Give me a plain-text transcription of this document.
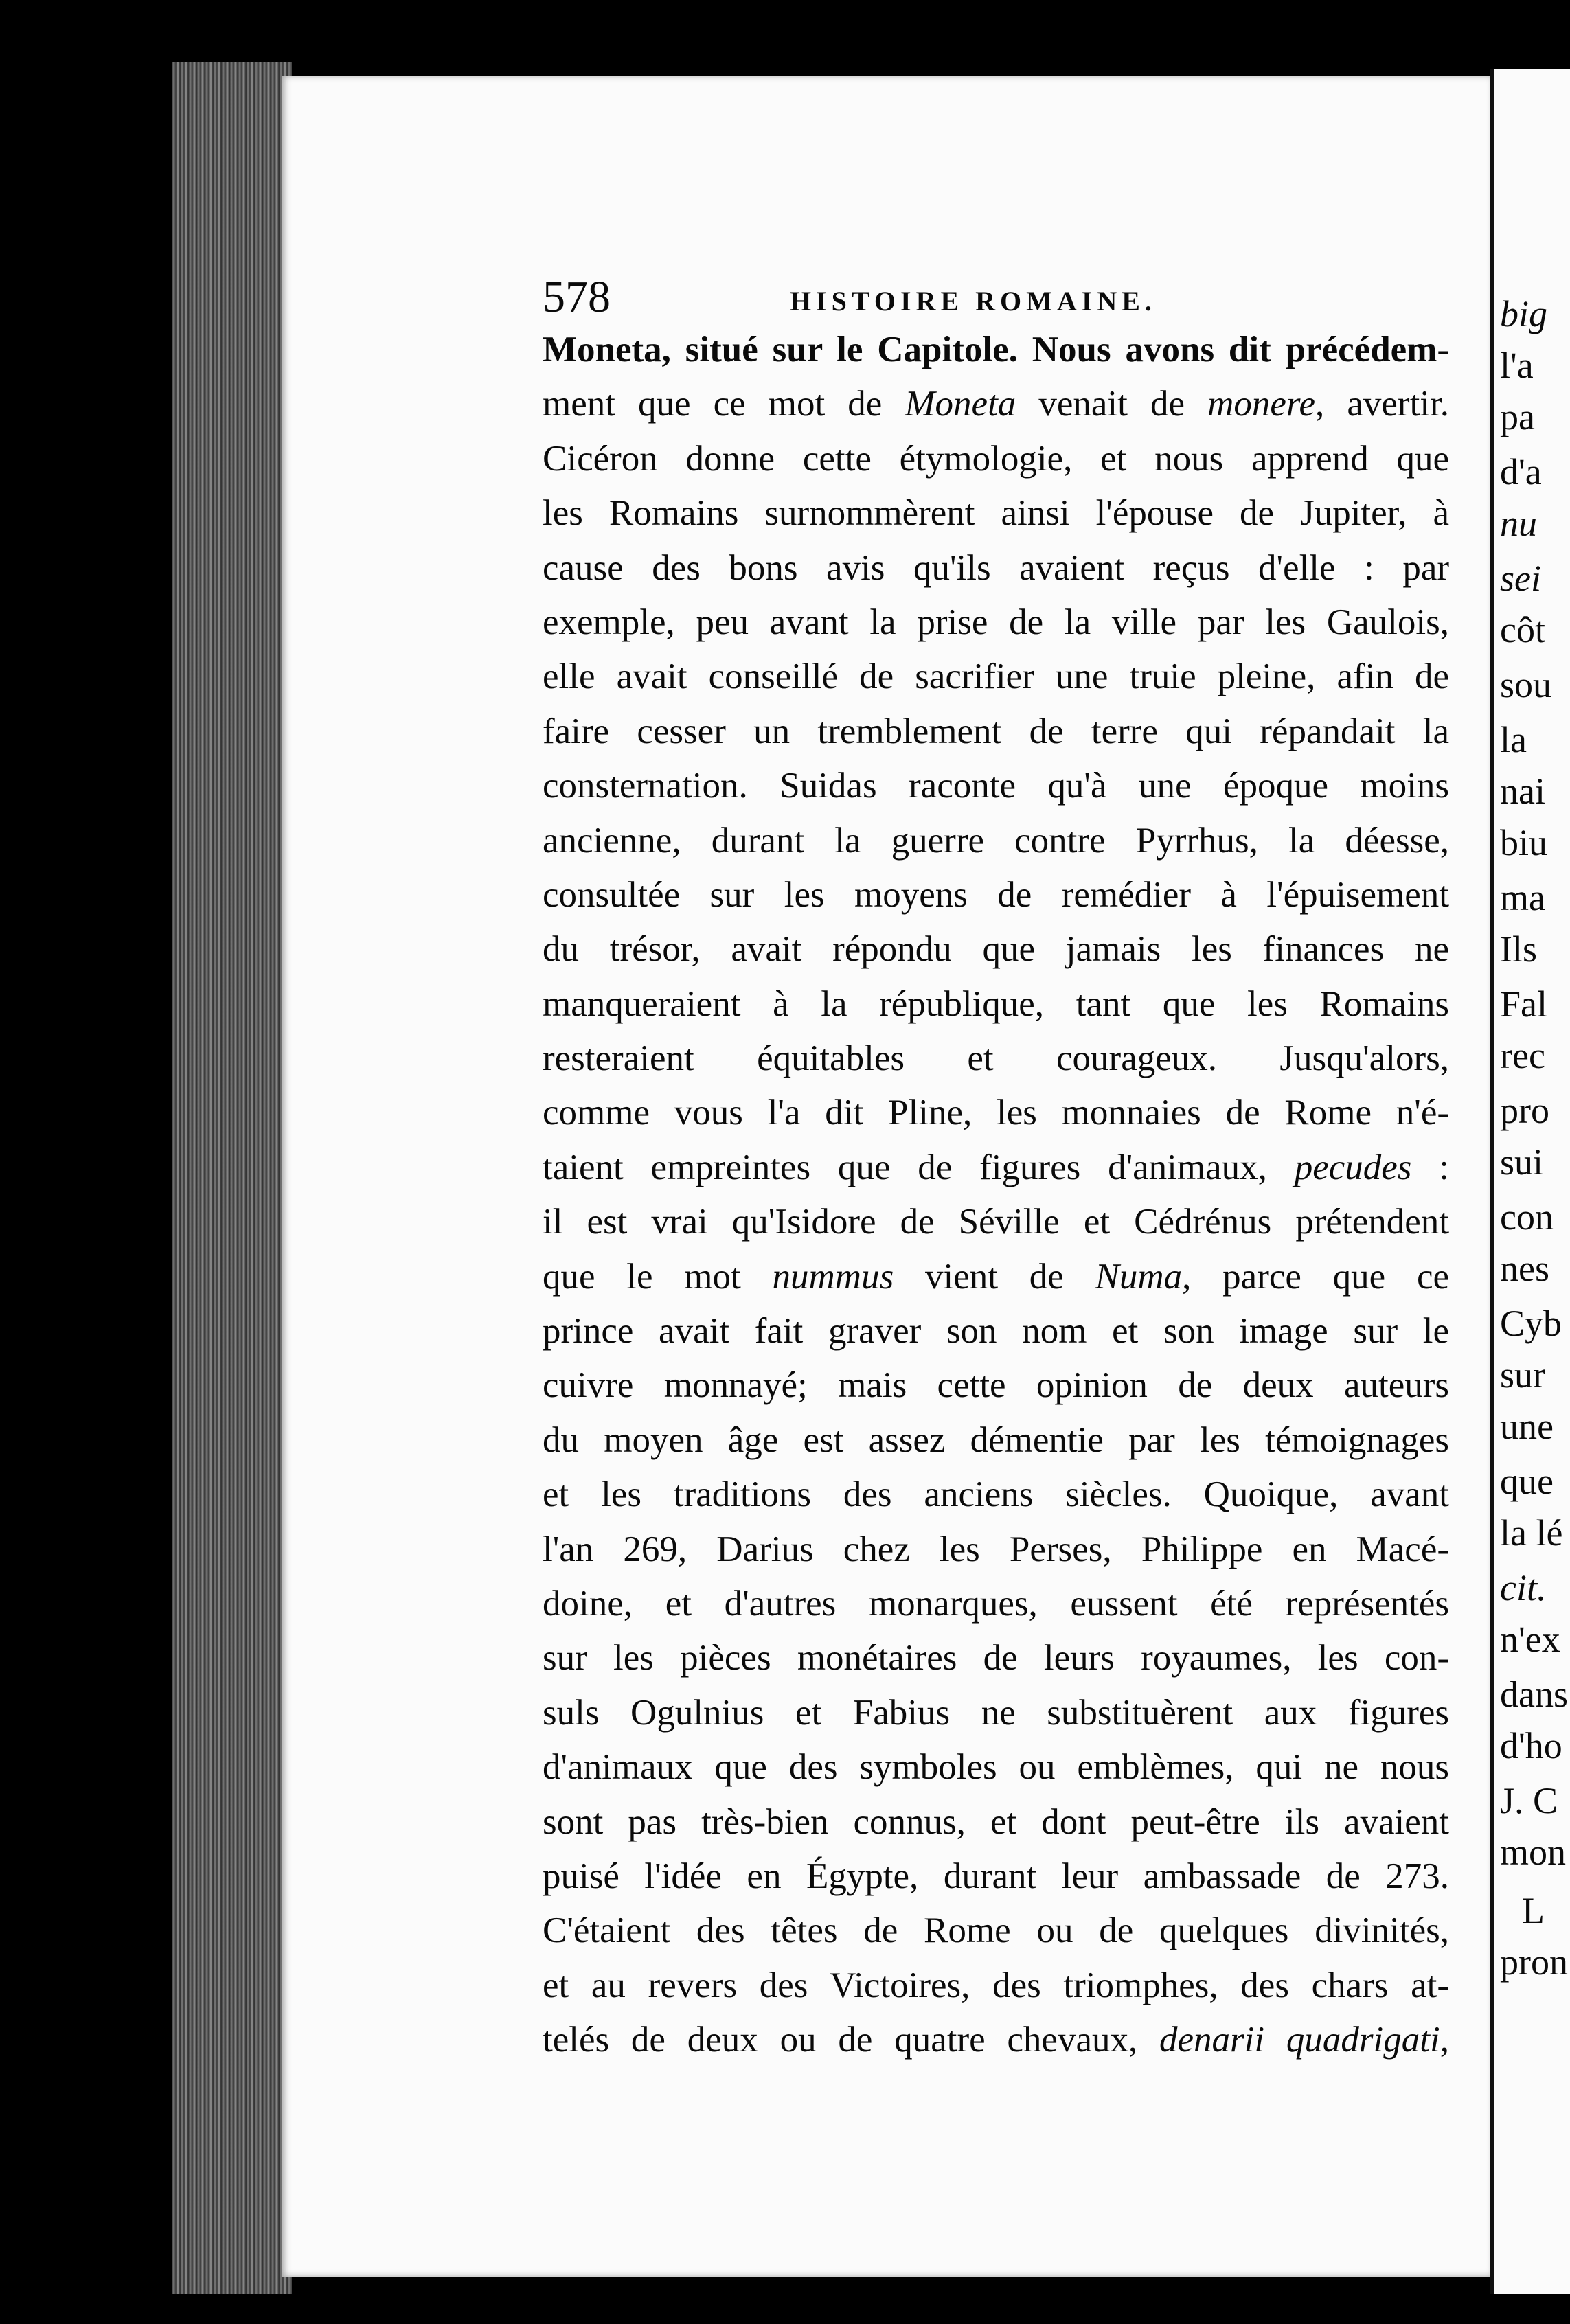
578	HISTOIRE ROMAINE.
Moneta, situé sur le Capitole. Nous avons dit précédem-
ment que ce mot de Moneta venait de monere, avertir.
Cicéron donne cette étymologie, et nous apprend que
les Romains surnommèrent ainsi l'épouse de Jupiter, à
cause des bons avis qu'ils avaient reçus d'elle : par
exemple, peu avant la prise de la ville par les Gaulois,
elle avait conseillé de sacrifier une truie pleine, afin de
faire cesser un tremblement de terre qui répandait la
consternation. Suidas raconte qu'à une époque moins
ancienne, durant la guerre contre Pyrrhus, la déesse,
consultée sur les moyens de remédier à l'épuisement
du trésor, avait répondu que jamais les finances ne
manqueraient à la république, tant que les Romains
resteraient équitables et courageux. Jusqu'alors,
comme vous l'a dit Pline, les monnaies de Rome n'é-
taient empreintes que de figures d'animaux, pecudes :
il est vrai qu'Isidore de Séville et Cédrénus prétendent
que le mot nummus vient de Numa, parce que ce
prince avait fait graver son nom et son image sur le
cuivre monnayé; mais cette opinion de deux auteurs
du moyen âge est assez démentie par les témoignages
et les traditions des anciens siècles. Quoique, avant
l'an 269, Darius chez les Perses, Philippe en Macé-
doine, et d'autres monarques, eussent été représentés
sur les pièces monétaires de leurs royaumes, les con-
suls Ogulnius et Fabius ne substituèrent aux figures
d'animaux que des symboles ou emblèmes, qui ne nous
sont pas très-bien connus, et dont peut-être ils avaient
puisé l'idée en Égypte, durant leur ambassade de 273.
C'étaient des têtes de Rome ou de quelques divinités,
et au revers des Victoires, des triomphes, des chars at-
telés de deux ou de quatre chevaux, denarii quadrigati,
big
l'a
pa
d'a
nu
sei
côt
sou
la
nai
biu
ma
Ils
Fal
rec
pro
sui
con
nes
Cyb
sur
une
que
la lé
cit.
n'ex
dans
d'ho
J. C
mon
L
pron
